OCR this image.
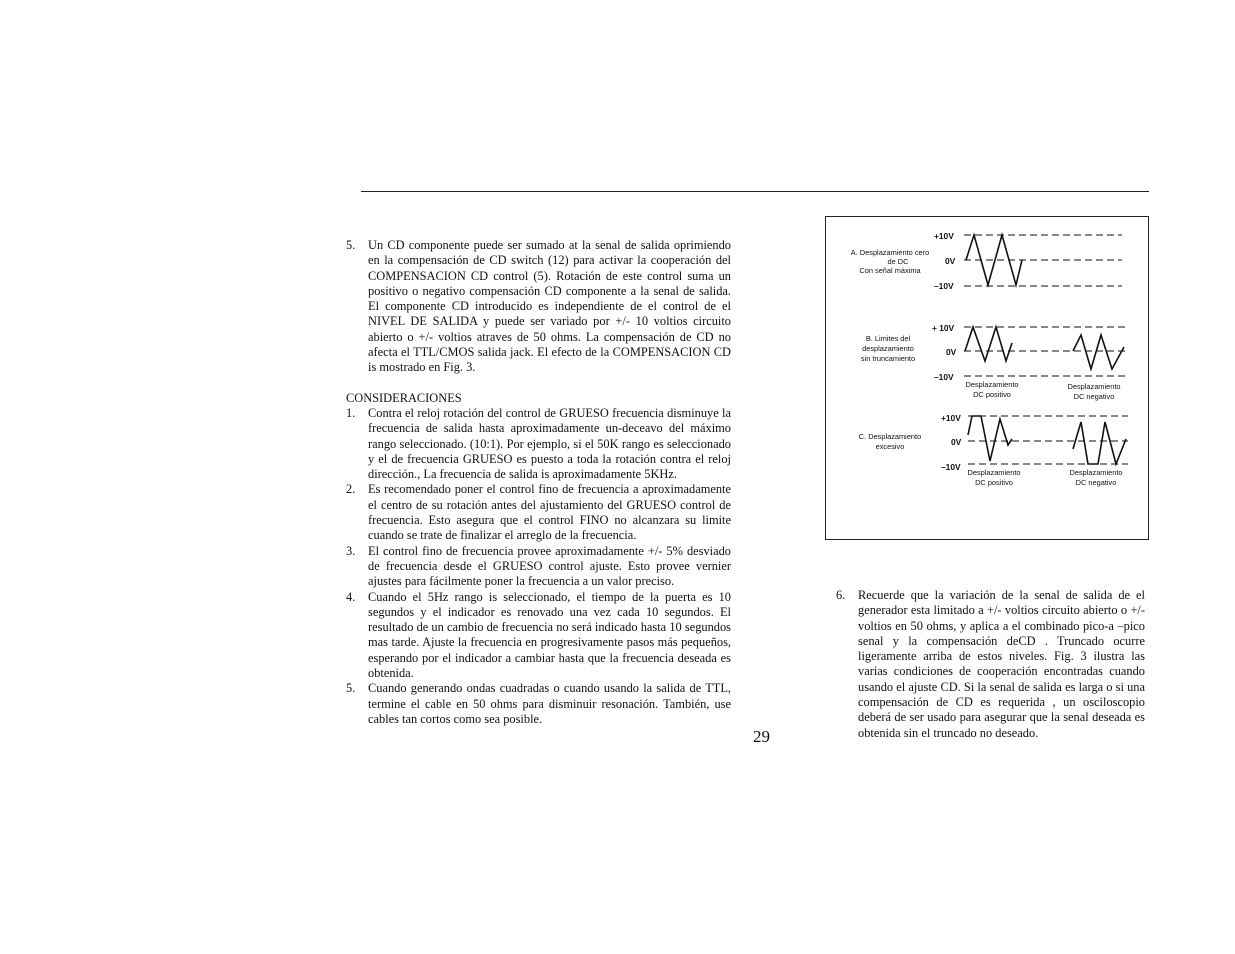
5. Un CD componente puede ser sumado at la senal de salida oprimiendo en la compensación de CD switch (12) para activar la cooperación del COMPENSACION CD control (5). Rotación de este control suma un positivo o negativo compensación CD componente a la senal de salida. El componente CD introducido es independiente de el control de el NIVEL DE SALIDA y puede ser variado por +/- 10 voltios circuito abierto o +/- voltios atraves de 50 ohms. La compensación de CD no afecta el TTL/CMOS salida jack. El efecto de la COMPENSACION CD is mostrado en Fig. 3.
CONSIDERACIONES
1. Contra el reloj rotación del control de GRUESO frecuencia disminuye la frecuencia de salida hasta aproximadamente un-deceavo del máximo rango seleccionado. (10:1). Por ejemplo, si el 50K rango es seleccionado y el de frecuencia GRUESO es puesto a toda la rotación contra el reloj dirección., La frecuencia de salida is aproximadamente 5KHz.
2. Es recomendado poner el control fino de frecuencia a aproximadamente el centro de su rotación antes del ajustamiento del GRUESO control de frecuencia. Esto asegura que el control FINO no alcanzara su limite cuando se trate de finalizar el arreglo de la frecuencia.
3. El control fino de frecuencia provee aproximadamente +/- 5% desviado de frecuencia desde el GRUESO control ajuste. Esto provee vernier ajustes para fácilmente poner la frecuencia a un valor preciso.
4. Cuando el 5Hz rango is seleccionado, el tiempo de la puerta es 10 segundos y el indicador es renovado una vez cada 10 segundos. El resultado de un cambio de frecuencia no será indicado hasta 10 segundos mas tarde. Ajuste la frecuencia en progresivamente pasos más pequeños, esperando por el indicador a cambiar hasta que la frecuencia deseada es obtenida.
5. Cuando generando ondas cuadradas o cuando usando la salida de TTL, termine el cable en 50 ohms para disminuir resonación. También, use cables tan cortos como sea posible.
29
A. Desplazamiento cero
de DC
Con señal máxima
+10V
0V
–10V
B. Limites del
desplazamiento
sin truncamiento
+ 10V
0V
–10V
Desplazamiento
DC positivo
Desplazamiento
DC negativo
C. Desplazamiento
excesivo
+10V
0V
–10V
Desplazamiento
DC positivo
Desplazamiento
DC negativo
6. Recuerde que la variación de la senal de salida de el generador esta limitado a +/- voltios circuito abierto o +/- voltios en 50 ohms, y aplica a el combinado pico-a –pico senal y la compensación deCD . Truncado ocurre ligeramente arriba de estos niveles. Fig. 3 ilustra las varias condiciones de cooperación encontradas cuando usando el ajuste CD. Si la senal de salida es larga o si una compensación de CD es requerida , un osciloscopio deberá de ser usado para asegurar que la senal deseada es obtenida sin el truncado no deseado.
